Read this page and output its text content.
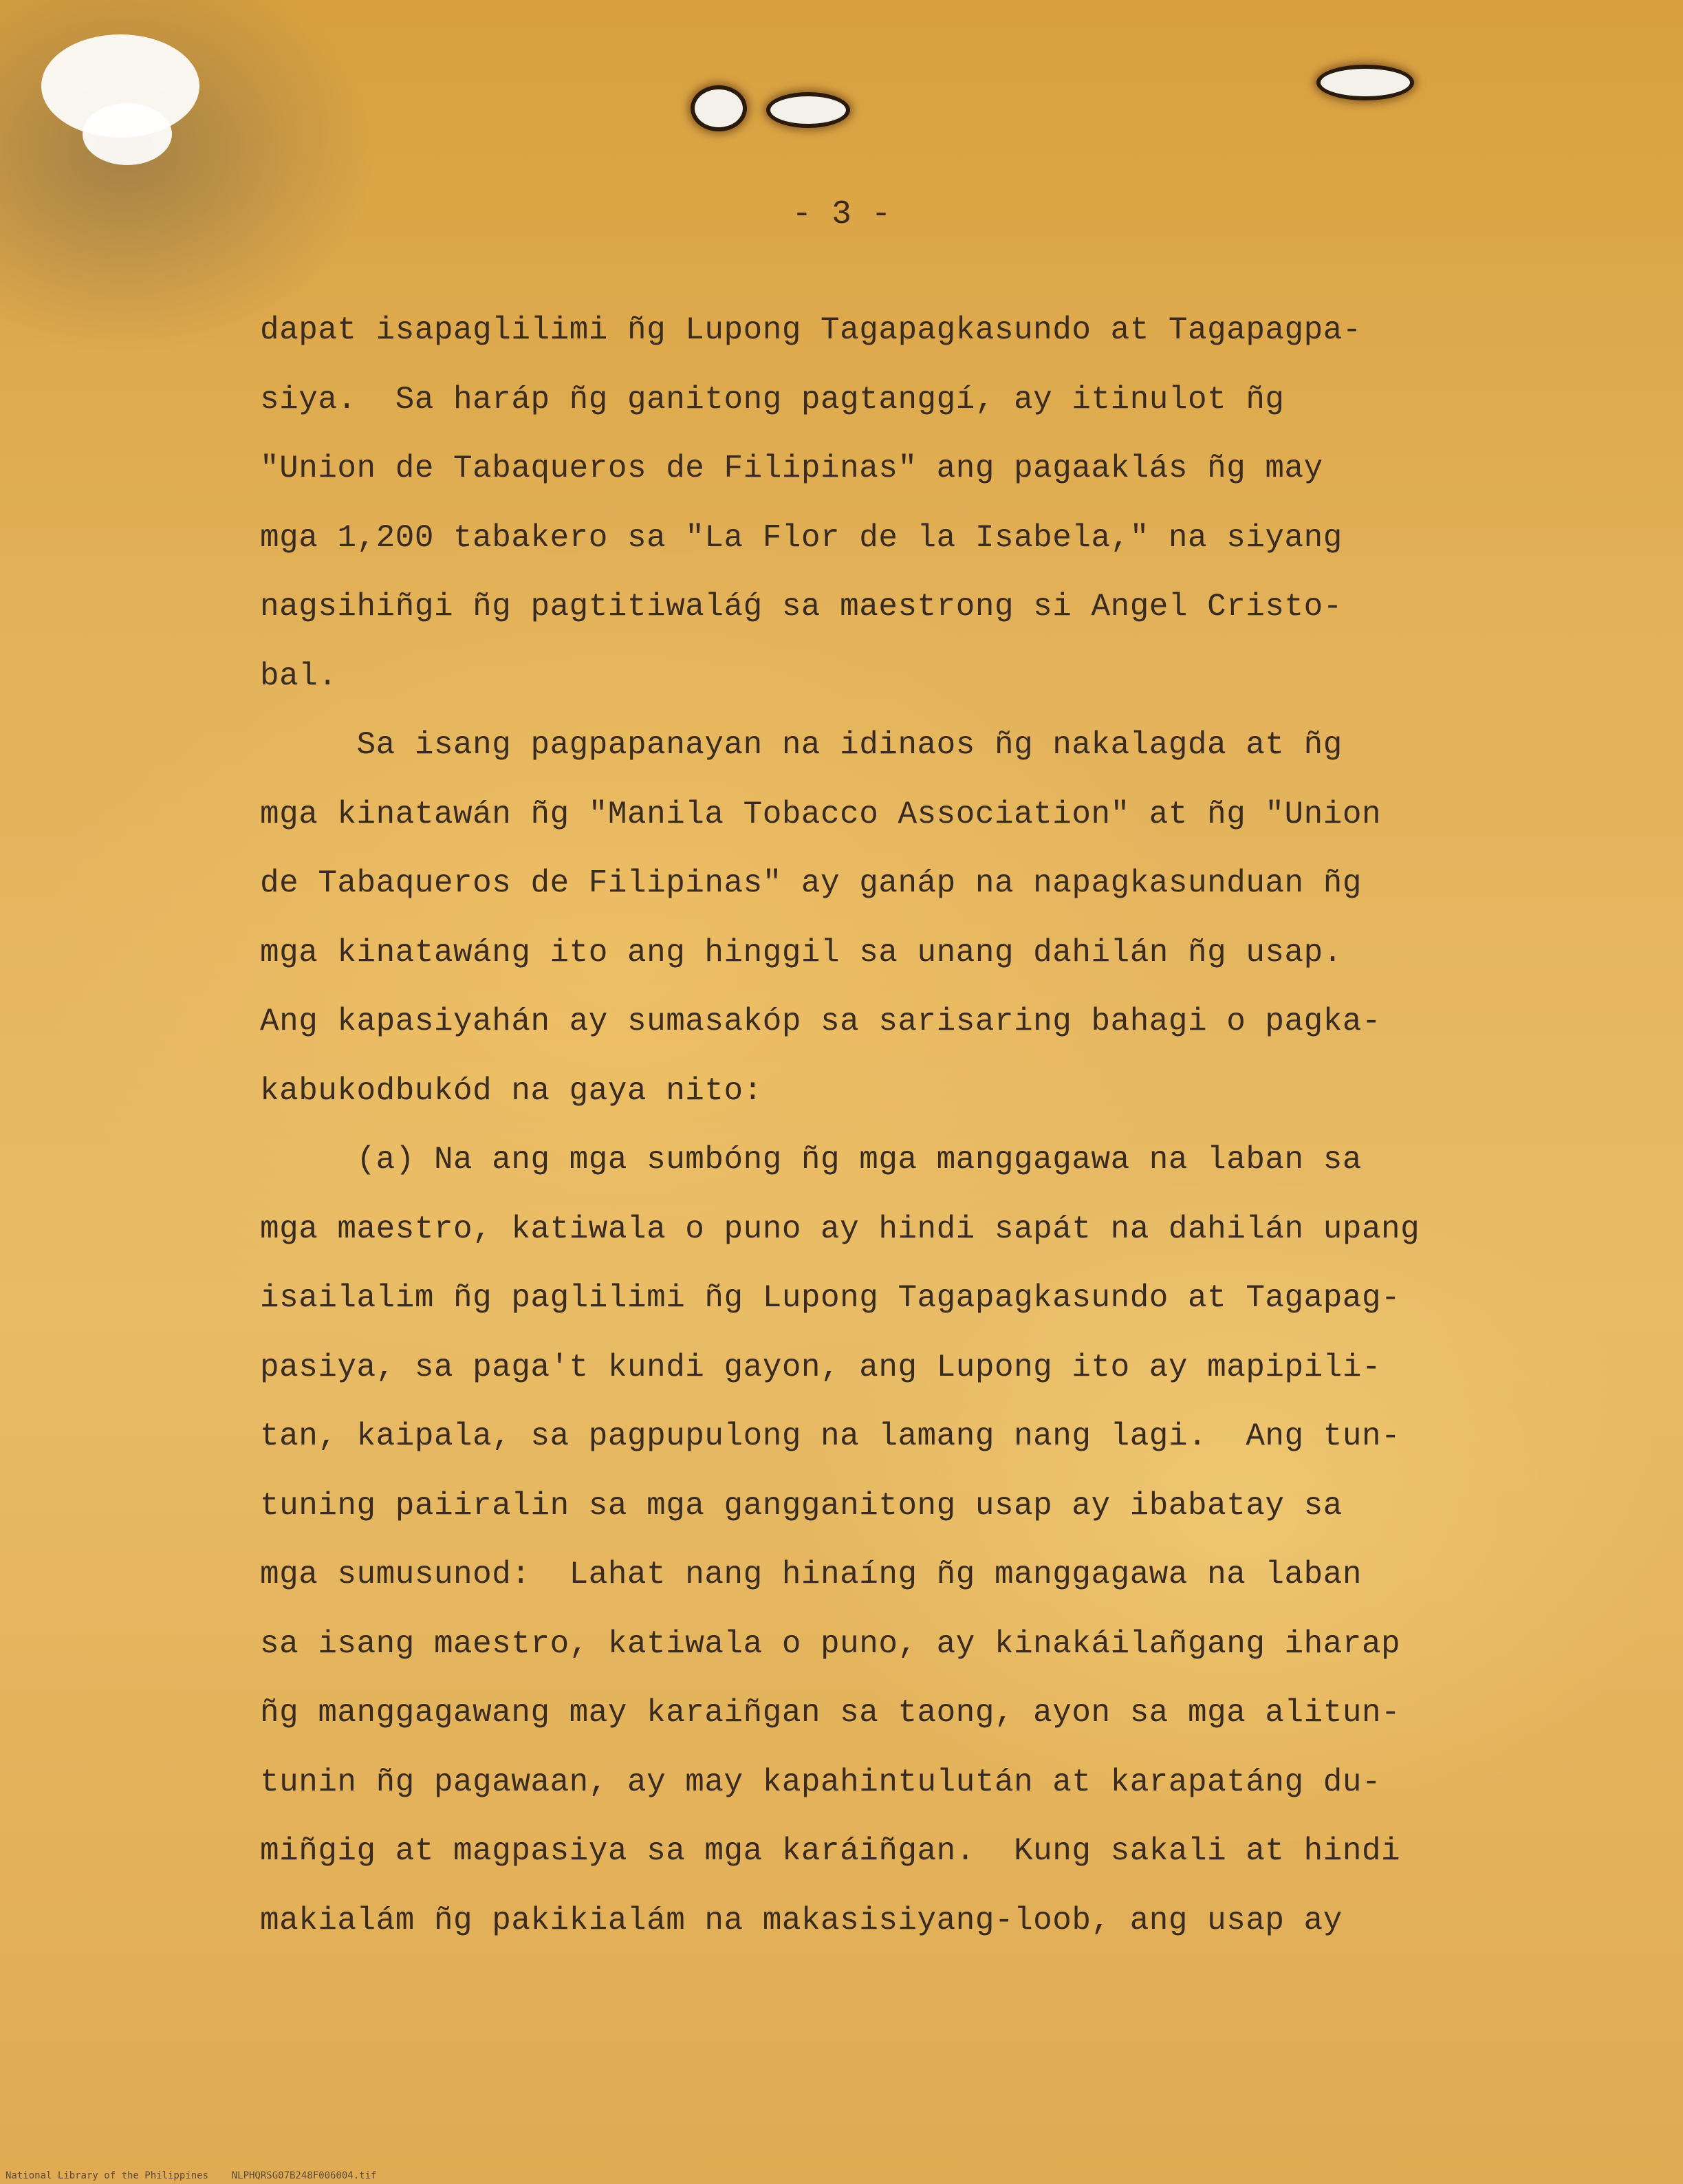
- 3 -
dapat isapaglilimi ñg Lupong Tagapagkasundo at Tagapagpa-
siya.  Sa haráp ñg ganitong pagtanggí, ay itinulot ñg
"Union de Tabaqueros de Filipinas" ang pagaaklás ñg may
mga 1,200 tabakero sa "La Flor de la Isabela," na siyang
nagsihiñgi ñg pagtitiwaláǵ sa maestrong si Angel Cristo-
bal.
Sa isang pagpapanayan na idinaos ñg nakalagda at ñg
mga kinatawán ñg "Manila Tobacco Association" at ñg "Union
de Tabaqueros de Filipinas" ay ganáp na napagkasunduan ñg
mga kinatawáng ito ang hinggil sa unang dahilán ñg usap.
Ang kapasiyahán ay sumasakóp sa sarisaring bahagi o pagka-
kabukodbukód na gaya nito:
(a) Na ang mga sumbóng ñg mga manggagawa na laban sa
mga maestro, katiwala o puno ay hindi sapát na dahilán upang
isailalim ñg paglilimi ñg Lupong Tagapagkasundo at Tagapag-
pasiya, sa paga't kundi gayon, ang Lupong ito ay mapipili-
tan, kaipala, sa pagpupulong na lamang nang lagi.  Ang tun-
tuning paiiralin sa mga gangganitong usap ay ibabatay sa
mga sumusunod:  Lahat nang hinaíng ñg manggagawa na laban
sa isang maestro, katiwala o puno, ay kinakáilañgang iharap
ñg manggagawang may karaiñgan sa taong, ayon sa mga alitun-
tunin ñg pagawaan, ay may kapahintulután at karapatáng du-
miñgig at magpasiya sa mga karáiñgan.  Kung sakali at hindi
makialám ñg pakikialám na makasisiyang-loob, ang usap ay
National Library of the Philippines    NLPHQRSG07B248F006004.tif
